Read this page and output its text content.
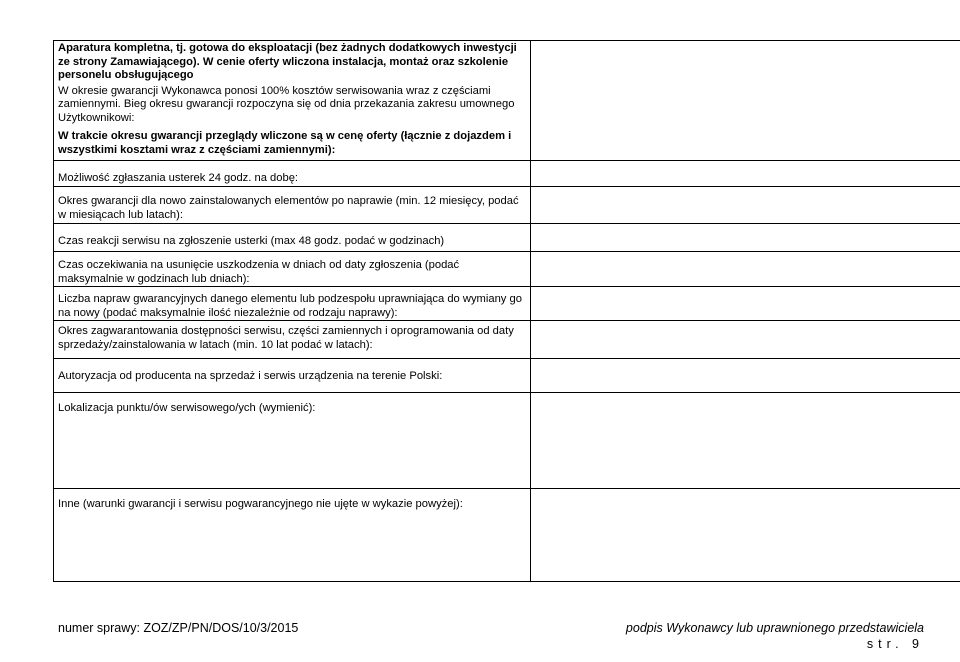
Aparatura kompletna, tj. gotowa do eksploatacji (bez żadnych dodatkowych inwestycji ze strony Zamawiającego). W cenie oferty wliczona instalacja, montaż oraz szkolenie personelu obsługującego

W okresie gwarancji Wykonawca ponosi 100% kosztów serwisowania wraz z częściami zamiennymi. Bieg okresu gwarancji rozpoczyna się od dnia przekazania zakresu umownego Użytkownikowi:

W trakcie okresu gwarancji przeglądy wliczone są w cenę oferty (łącznie z dojazdem i wszystkimi kosztami wraz z częściami zamiennymi):	

Możliwość zgłaszania usterek 24 godz. na dobę:	

Okres gwarancji dla nowo zainstalowanych elementów po naprawie (min. 12 miesięcy, podać w miesiącach lub latach):	

Czas reakcji serwisu na zgłoszenie usterki (max 48 godz. podać w godzinach)	

Czas oczekiwania na usunięcie uszkodzenia w dniach od daty zgłoszenia (podać maksymalnie w godzinach lub dniach):	

Liczba napraw gwarancyjnych danego elementu lub podzespołu uprawniająca do wymiany go na nowy (podać maksymalnie ilość niezależnie od rodzaju naprawy):	

Okres zagwarantowania dostępności serwisu, części zamiennych i oprogramowania od daty sprzedaży/zainstalowania w latach (min. 10 lat podać w latach):	

Autoryzacja od producenta na sprzedaż i serwis urządzenia na terenie Polski:	

Lokalizacja punktu/ów serwisowego/ych (wymienić):	

Inne (warunki gwarancji i serwisu pogwarancyjnego nie ujęte w wykazie powyżej):	

numer sprawy: ZOZ/ZP/PN/DOS/10/3/2015	podpis Wykonawcy lub uprawnionego przedstawiciela
str. 9
